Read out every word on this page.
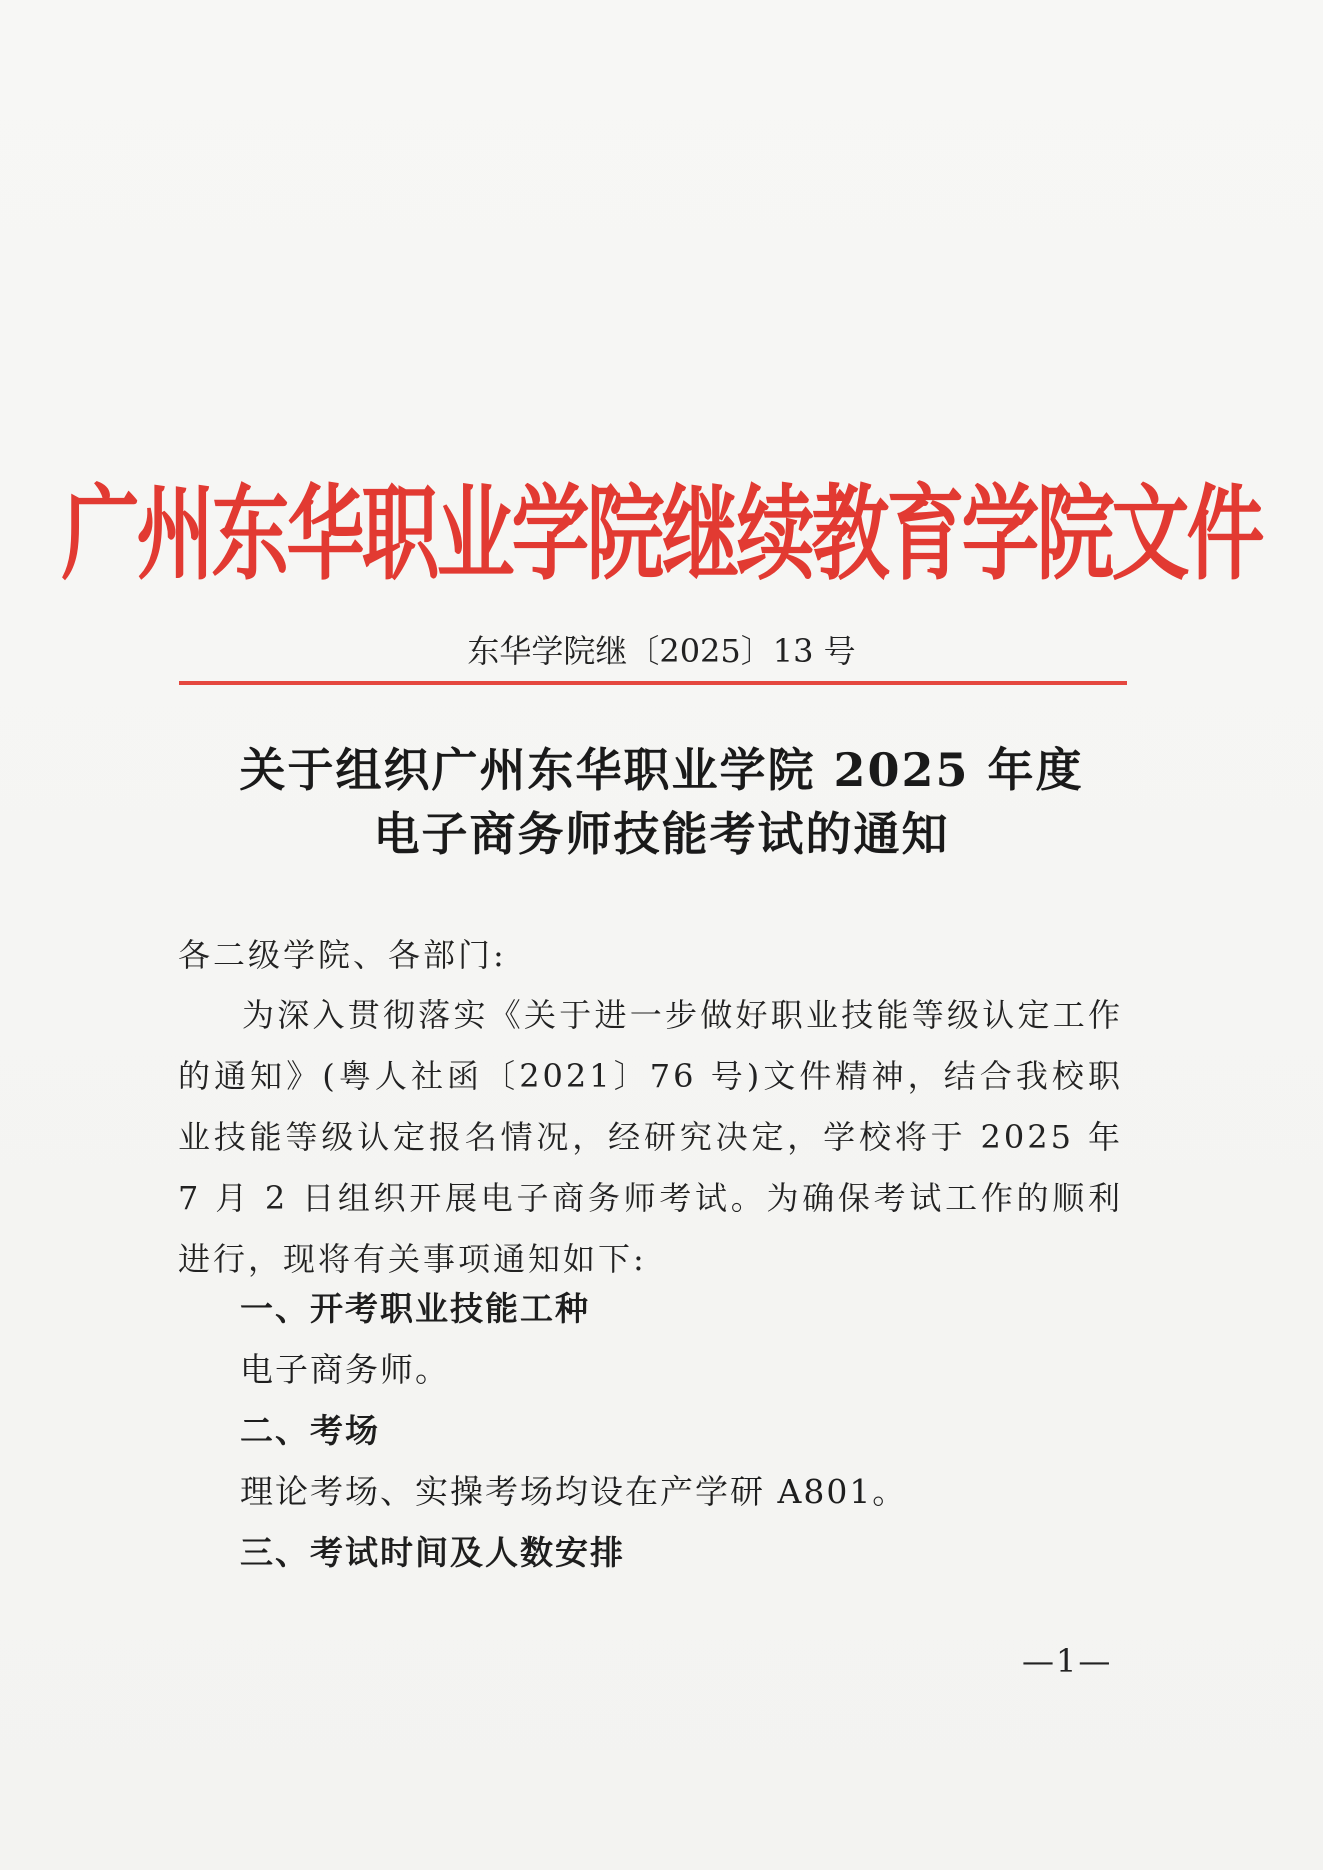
广州东华职业学院继续教育学院文件
东华学院继〔2025〕13 号
关于组织广州东华职业学院 2025 年度
电子商务师技能考试的通知
各二级学院、各部门:
为深入贯彻落实《关于进一步做好职业技能等级认定工作的通知》(粤人社函〔2021〕76 号)文件精神，结合我校职业技能等级认定报名情况，经研究决定，学校将于 2025 年 7 月 2 日组织开展电子商务师考试。为确保考试工作的顺利进行，现将有关事项通知如下:
一、开考职业技能工种
电子商务师。
二、考场
理论考场、实操考场均设在产学研 A801。
三、考试时间及人数安排
—1—
